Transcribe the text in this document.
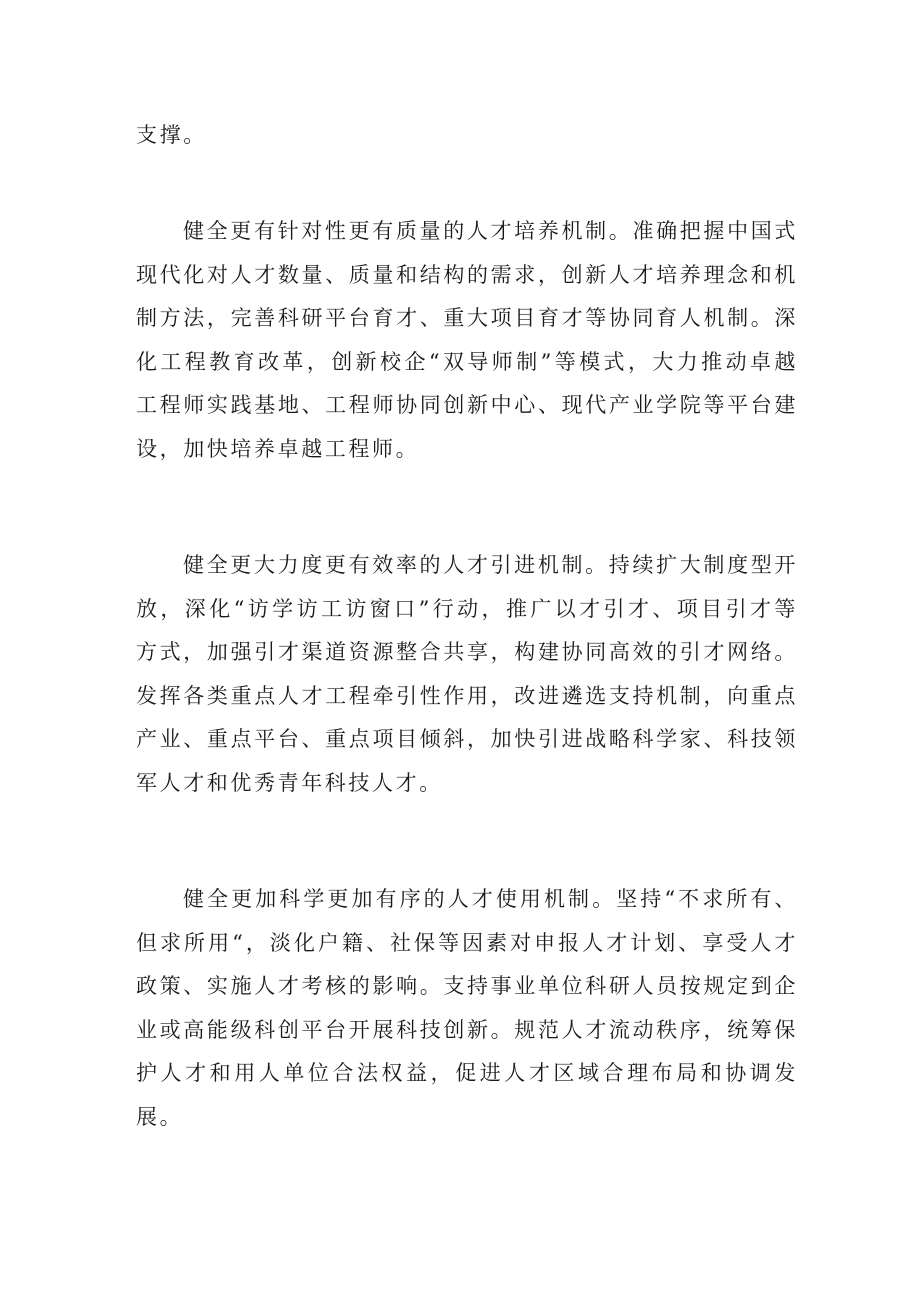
支撑。

健全更有针对性更有质量的人才培养机制。准确把握中国式现代化对人才数量、质量和结构的需求，创新人才培养理念和机制方法，完善科研平台育才、重大项目育才等协同育人机制。深化工程教育改革，创新校企“双导师制”等模式，大力推动卓越工程师实践基地、工程师协同创新中心、现代产业学院等平台建设，加快培养卓越工程师。

健全更大力度更有效率的人才引进机制。持续扩大制度型开放，深化“访学访工访窗口”行动，推广以才引才、项目引才等方式，加强引才渠道资源整合共享，构建协同高效的引才网络。发挥各类重点人才工程牵引性作用，改进遴选支持机制，向重点产业、重点平台、重点项目倾斜，加快引进战略科学家、科技领军人才和优秀青年科技人才。

健全更加科学更加有序的人才使用机制。坚持“不求所有、但求所用“，淡化户籍、社保等因素对申报人才计划、享受人才政策、实施人才考核的影响。支持事业单位科研人员按规定到企业或高能级科创平台开展科技创新。规范人才流动秩序，统筹保护人才和用人单位合法权益，促进人才区域合理布局和协调发展。
